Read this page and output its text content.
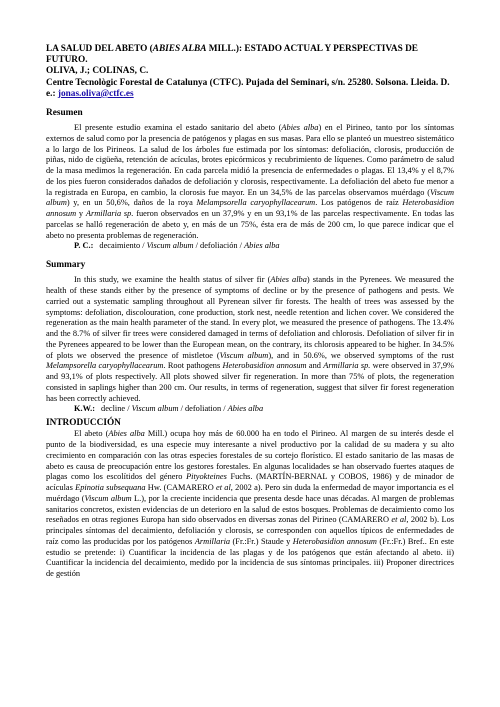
LA SALUD DEL ABETO (ABIES ALBA MILL.): ESTADO ACTUAL Y PERSPECTIVAS DE FUTURO.
OLIVA, J.; COLINAS, C.
Centre Tecnològic Forestal de Catalunya (CTFC). Pujada del Seminari, s/n. 25280. Solsona. Lleida. D. e.: jonas.oliva@ctfc.es
Resumen

El presente estudio examina el estado sanitario del abeto (Abies alba) en el Pirineo, tanto por los síntomas externos de salud como por la presencia de patógenos y plagas en sus masas. Para ello se planteó un muestreo sistemático a lo largo de los Pirineos. La salud de los árboles fue estimada por los síntomas: defoliación, clorosis, producción de piñas, nido de cigüeña, retención de acículas, brotes epicórmicos y recubrimiento de líquenes. Como parámetro de salud de la masa medimos la regeneración. En cada parcela midió la presencia de enfermedades o plagas. El 13,4% y el 8,7% de los pies fueron considerados dañados de defoliación y clorosis, respectivamente. La defoliación del abeto fue menor a la registrada en Europa, en cambio, la clorosis fue mayor. En un 34,5% de las parcelas observamos muérdago (Viscum album) y, en un 50,6%, daños de la roya Melampsorella caryophyllacearum. Los patógenos de raíz Heterobasidion annosum y Armillaria sp. fueron observados en un 37,9% y en un 93,1% de las parcelas respectivamente. En todas las parcelas se halló regeneración de abeto y, en más de un 75%, ésta era de más de 200 cm, lo que parece indicar que el abeto no presenta problemas de regeneración.

P. C.: decaimiento / Viscum album / defoliación / Abies alba

Summary

In this study, we examine the health status of silver fir (Abies alba) stands in the Pyrenees. We measured the health of these stands either by the presence of symptoms of decline or by the presence of pathogens and pests. We carried out a systematic sampling throughout all Pyrenean silver fir forests. The health of trees was assessed by the symptoms: defoliation, discolouration, cone production, stork nest, needle retention and lichen cover. We considered the regeneration as the main health parameter of the stand. In every plot, we measured the presence of pathogens. The 13.4% and the 8.7% of silver fir trees were considered damaged in terms of defoliation and chlorosis. Defoliation of silver fir in the Pyrenees appeared to be lower than the European mean, on the contrary, its chlorosis appeared to be higher. In 34.5% of plots we observed the presence of mistletoe (Viscum album), and in 50.6%, we observed symptoms of the rust Melampsorella caryophyllacearum. Root pathogens Heterobasidion annosum and Armillaria sp. were observed in 37,9% and 93,1% of plots respectively. All plots showed silver fir regeneration. In more than 75% of plots, the regeneration consisted in saplings higher than 200 cm. Our results, in terms of regeneration, suggest that silver fir forest regeneration has been correctly achieved.

K.W.: decline / Viscum album / defoliation / Abies alba

INTRODUCCIÓN

El abeto (Abies alba Mill.) ocupa hoy más de 60.000 ha en todo el Pirineo. Al margen de su interés desde el punto de la biodiversidad, es una especie muy interesante a nivel productivo por la calidad de su madera y su alto crecimiento en comparación con las otras especies forestales de su cortejo florístico. El estado sanitario de las masas de abeto es causa de preocupación entre los gestores forestales. En algunas localidades se han observado fuertes ataques de plagas como los escolítidos del género Pityokteines Fuchs. (MARTÍN-BERNAL y COBOS, 1986) y de minador de acículas Epinotia subsequana Hw. (CAMARERO et al, 2002 a). Pero sin duda la enfermedad de mayor importancia es el muérdago (Viscum album L.), por la creciente incidencia que presenta desde hace unas décadas. Al margen de problemas sanitarios concretos, existen evidencias de un deterioro en la salud de estos bosques. Problemas de decaimiento como los reseñados en otras regiones Europa han sido observados en diversas zonas del Pirineo (CAMARERO et al, 2002 b). Los principales síntomas del decaimiento, defoliación y clorosis, se corresponden con aquellos típicos de enfermedades de raíz como las producidas por los patógenos Armillaria (Fr.:Fr.) Staude y Heterobasidion annosum (Fr.:Fr.) Bref.. En este estudio se pretende: i) Cuantificar la incidencia de las plagas y de los patógenos que están afectando al abeto. ii) Cuantificar la incidencia del decaimiento, medido por la incidencia de sus síntomas principales. iii) Proponer directrices de gestión
